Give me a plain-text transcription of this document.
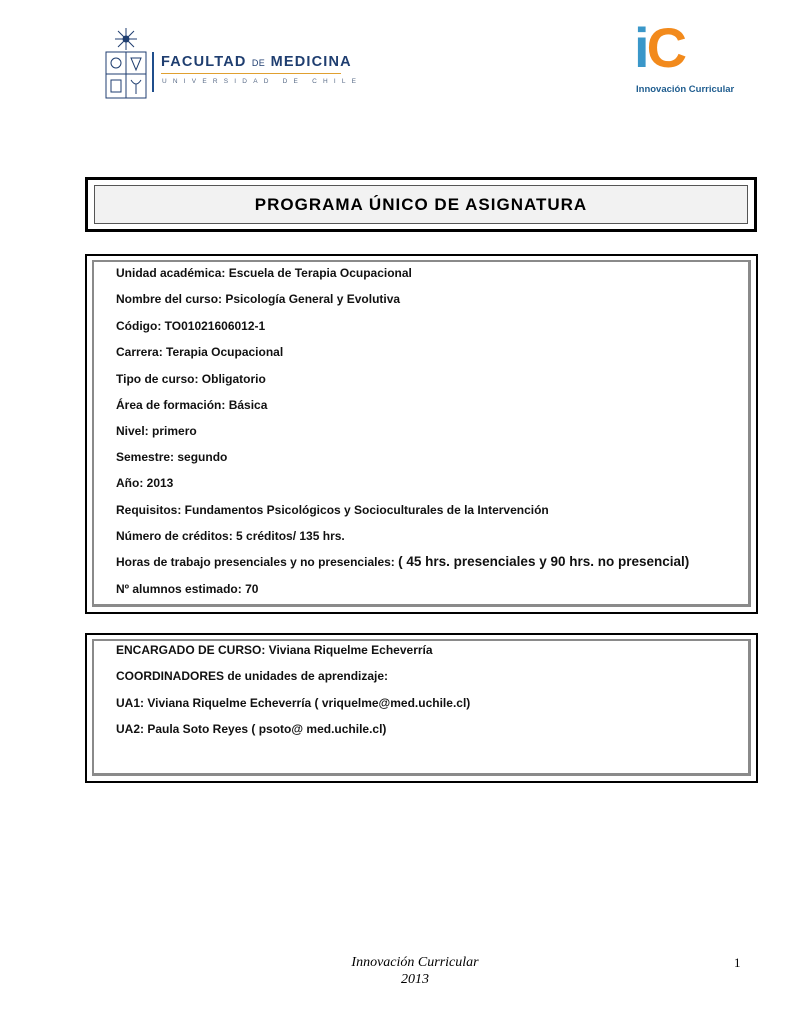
FACULTAD DE MEDICINA
UNIVERSIDAD DE CHILE
iC
Innovación Curricular
PROGRAMA ÚNICO DE ASIGNATURA
Unidad académica: Escuela de Terapia Ocupacional
Nombre del curso: Psicología General y Evolutiva
Código: TO01021606012-1
Carrera: Terapia Ocupacional
Tipo de curso: Obligatorio
Área de formación: Básica
Nivel: primero
Semestre: segundo
Año: 2013
Requisitos: Fundamentos Psicológicos y Socioculturales de la Intervención
Número de créditos: 5 créditos/ 135 hrs.
Horas de trabajo presenciales y no presenciales: ( 45 hrs. presenciales y 90 hrs. no presencial)
Nº alumnos estimado: 70
ENCARGADO DE CURSO: Viviana Riquelme Echeverría
COORDINADORES de unidades de aprendizaje:
UA1: Viviana Riquelme Echeverría ( vriquelme@med.uchile.cl)
UA2: Paula Soto Reyes ( psoto@ med.uchile.cl)
Innovación Curricular
2013
1
